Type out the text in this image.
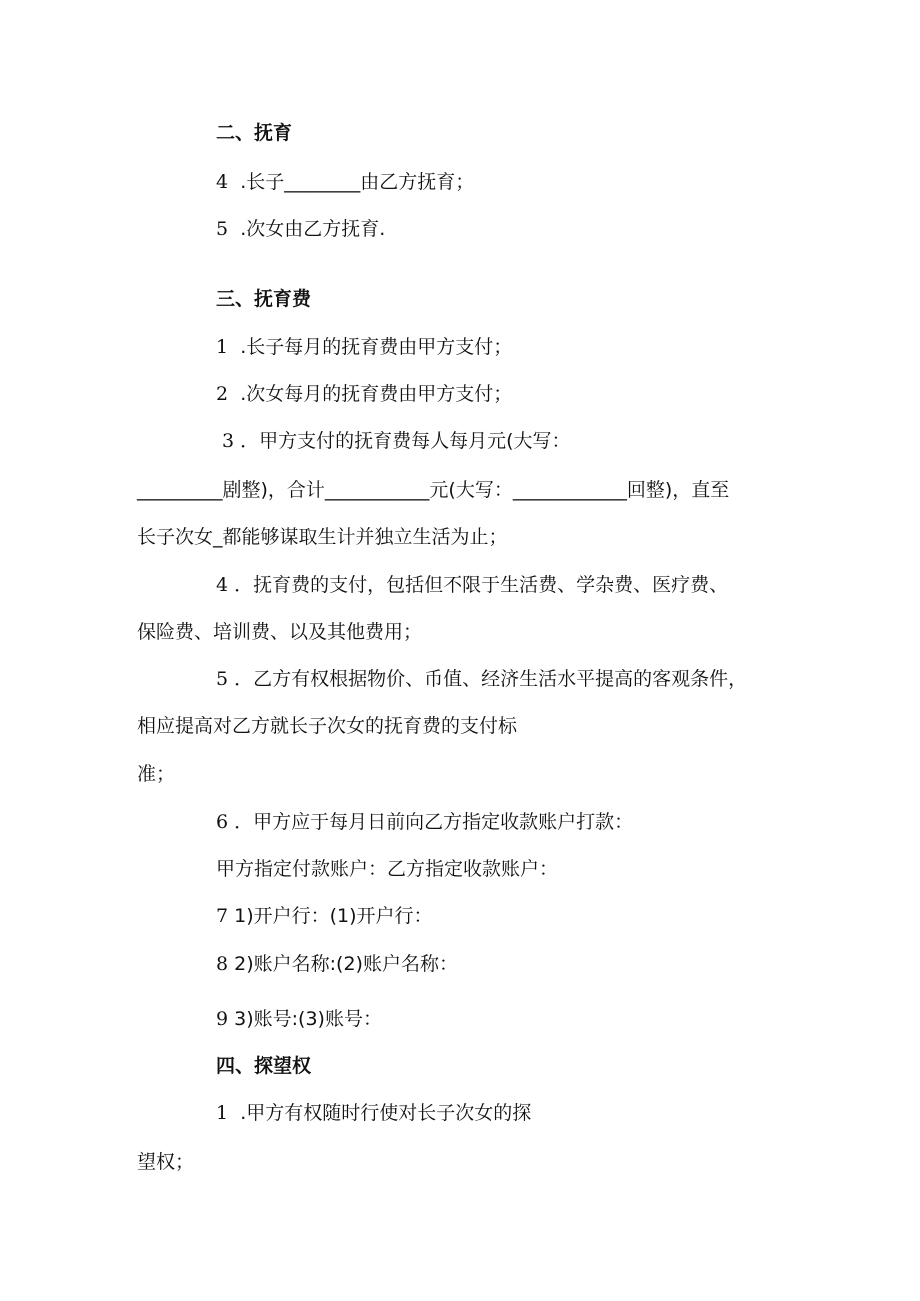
二、抚育
4 .长子________由乙方抚育；
5 .次女由乙方抚育.
三、抚育费
1 .长子每月的抚育费由甲方支付；
2 .次女每月的抚育费由甲方支付；
3 ．甲方支付的抚育费每人每月元(大写：
_________剧整)，合计___________元(大写：____________回整)，直至
长子次女_都能够谋取生计并独立生活为止；
4 ．抚育费的支付，包括但不限于生活费、学杂费、医疗费、
保险费、培训费、以及其他费用；
5 ．乙方有权根据物价、币值、经济生活水平提高的客观条件，
相应提高对乙方就长子次女的抚育费的支付标
准；
6 ．甲方应于每月日前向乙方指定收款账户打款：
甲方指定付款账户：乙方指定收款账户：
7 1)开户行：(1)开户行：
8 2)账户名称:(2)账户名称：
9 3)账号:(3)账号：
四、探望权
1 .甲方有权随时行使对长子次女的探
望权；
